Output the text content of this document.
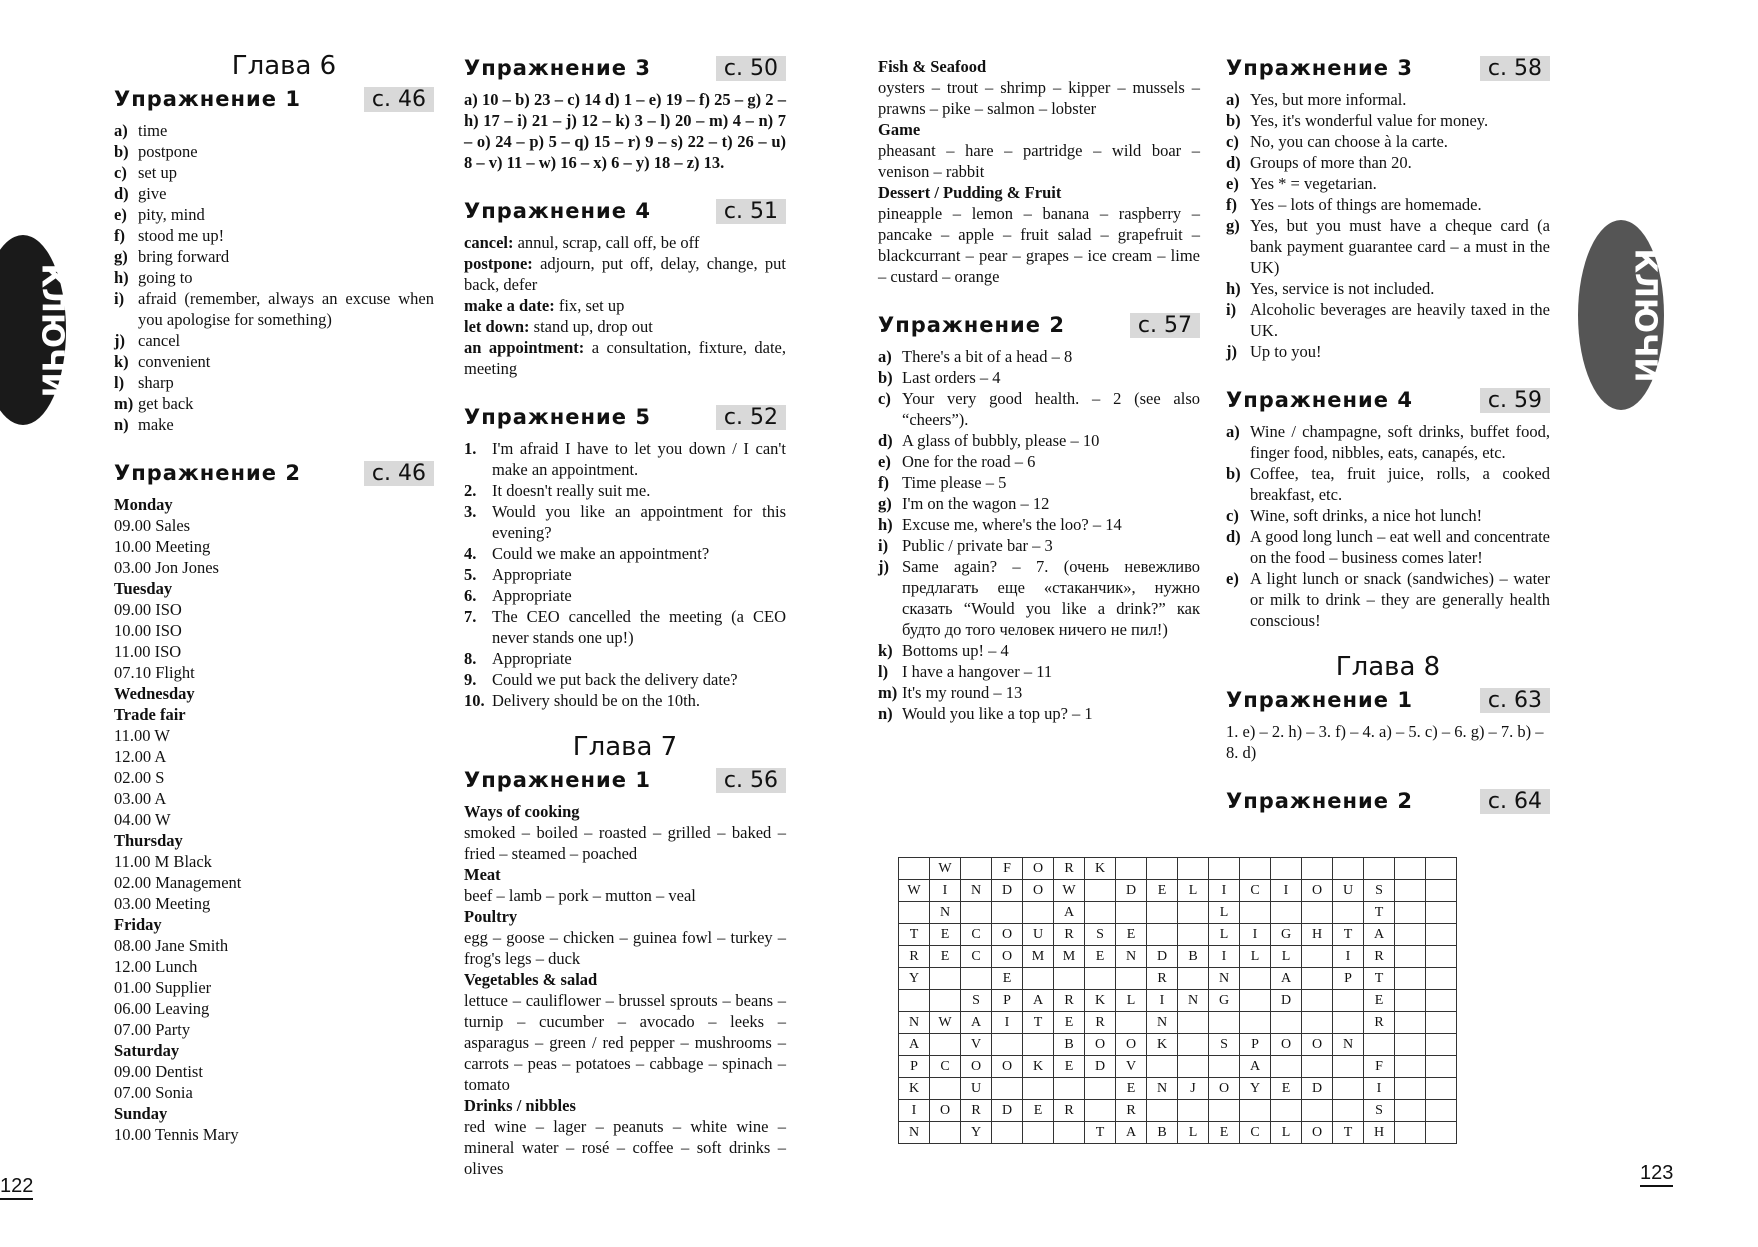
КЛЮЧИ	КЛЮЧИ
Глава 6
Упражнение 1	с. 46
a) time
b) postpone
c) set up
d) give
e) pity, mind
f) stood me up!
g) bring forward
h) going to
i) afraid (remember, always an excuse when you apologise for something)
j) cancel
k) convenient
l) sharp
m) get back
n) make
Упражнение 2	с. 46
Monday
09.00 Sales
10.00 Meeting
03.00 Jon Jones
Tuesday
09.00 ISO
10.00 ISO
11.00 ISO
07.10 Flight
Wednesday
Trade fair
11.00 W
12.00 A
02.00 S
03.00 A
04.00 W
Thursday
11.00 M Black
02.00 Management
03.00 Meeting
Friday
08.00 Jane Smith
12.00 Lunch
01.00 Supplier
06.00 Leaving
07.00 Party
Saturday
09.00 Dentist
07.00 Sonia
Sunday
10.00 Tennis Mary
Упражнение 3	с. 50

a) 10 – b) 23 – c) 14 d) 1 – e) 19 – f) 25 – g) 2 – h) 17 – i) 21 – j) 12 – k) 3 – l) 20 – m) 4 – n) 7 – o) 24 – p) 5 – q) 15 – r) 9 – s) 22 – t) 26 – u) 8 – v) 11 – w) 16 – x) 6 – y) 18 – z) 13.

Упражнение 4	с. 51

cancel: annul, scrap, call off, be off

postpone: adjourn, put off, delay, change, put back, defer

make a date: fix, set up

let down: stand up, drop out

an appointment: a consultation, fixture, date, meeting

Упражнение 5	с. 52
1. I'm afraid I have to let you down / I can't make an appointment.
2. It doesn't really suit me.
3. Would you like an appointment for this evening?
4. Could we make an appointment?
5. Appropriate
6. Appropriate
7. The CEO cancelled the meeting (a CEO never stands one up!)
8. Appropriate
9. Could we put back the delivery date?
10. Delivery should be on the 10th.
Глава 7
Упражнение 1	с. 56
Ways of cooking
smoked – boiled – roasted – grilled – baked – fried – steamed – poached
Meat
beef – lamb – pork – mutton – veal
Poultry
egg – goose – chicken – guinea fowl – turkey – frog's legs – duck
Vegetables & salad
lettuce – cauliflower – brussel sprouts – beans – turnip – cucumber – avocado – leeks – asparagus – green / red pepper – mushrooms – carrots – peas – potatoes – cabbage – spinach – tomato
Drinks / nibbles
red wine – lager – peanuts – white wine – mineral water – rosé – coffee – soft drinks – olives
Fish & Seafood
oysters – trout – shrimp – kipper – mussels – prawns – pike – salmon – lobster
Game
pheasant – hare – partridge – wild boar – venison – rabbit
Dessert / Pudding & Fruit
pineapple – lemon – banana – raspberry – pancake – apple – fruit salad – grapefruit – blackcurrant – pear – grapes – ice cream – lime – custard – orange
Упражнение 2	с. 57
a) There's a bit of a head – 8
b) Last orders – 4
c) Your very good health. – 2 (see also “cheers”).
d) A glass of bubbly, please – 10
e) One for the road – 6
f) Time please – 5
g) I'm on the wagon – 12
h) Excuse me, where's the loo? – 14
i) Public / private bar – 3
j) Same again? – 7. (очень невежливо предлагать еще «стаканчик», нужно сказать “Would you like a drink?” как будто до того человек ничего не пил!)
k) Bottoms up! – 4
l) I have a hangover – 11
m) It's my round – 13
n) Would you like a top up? – 1
Упражнение 3	с. 58
a) Yes, but more informal.
b) Yes, it's wonderful value for money.
c) No, you can choose à la carte.
d) Groups of more than 20.
e) Yes * = vegetarian.
f) Yes – lots of things are homemade.
g) Yes, but you must have a cheque card (a bank payment guarantee card – a must in the UK)
h) Yes, service is not included.
i) Alcoholic beverages are heavily taxed in the UK.
j) Up to you!
Упражнение 4	с. 59
a) Wine / champagne, soft drinks, buffet food, finger food, nibbles, eats, canapés, etc.
b) Coffee, tea, fruit juice, rolls, a cooked breakfast, etc.
c) Wine, soft drinks, a nice hot lunch!
d) A good long lunch – eat well and concentrate on the food – business comes later!
e) A light lunch or snack (sandwiches) – water or milk to drink – they are generally health conscious!
Глава 8
Упражнение 1	с. 63

1. e) – 2. h) – 3. f) – 4. a) – 5. c) – 6. g) – 7. b) – 8. d)

Упражнение 2	с. 64
	W		F	O	R	K											
W	I	N	D	O	W		D	E	L	I	C	I	O	U	S		
	N				A					L					T		
T	E	C	O	U	R	S	E			L	I	G	H	T	A		
R	E	C	O	M	M	E	N	D	B	I	L	L		I	R		
Y			E					R		N		A		P	T		
		S	P	A	R	K	L	I	N	G		D			E		
N	W	A	I	T	E	R		N							R		
A		V			B	O	O	K		S	P	O	O	N			
P	C	O	O	K	E	D	V				A				F		
K		U					E	N	J	O	Y	E	D		I		
I	O	R	D	E	R		R								S		
N		Y				T	A	B	L	E	C	L	O	T	H		
122
123
